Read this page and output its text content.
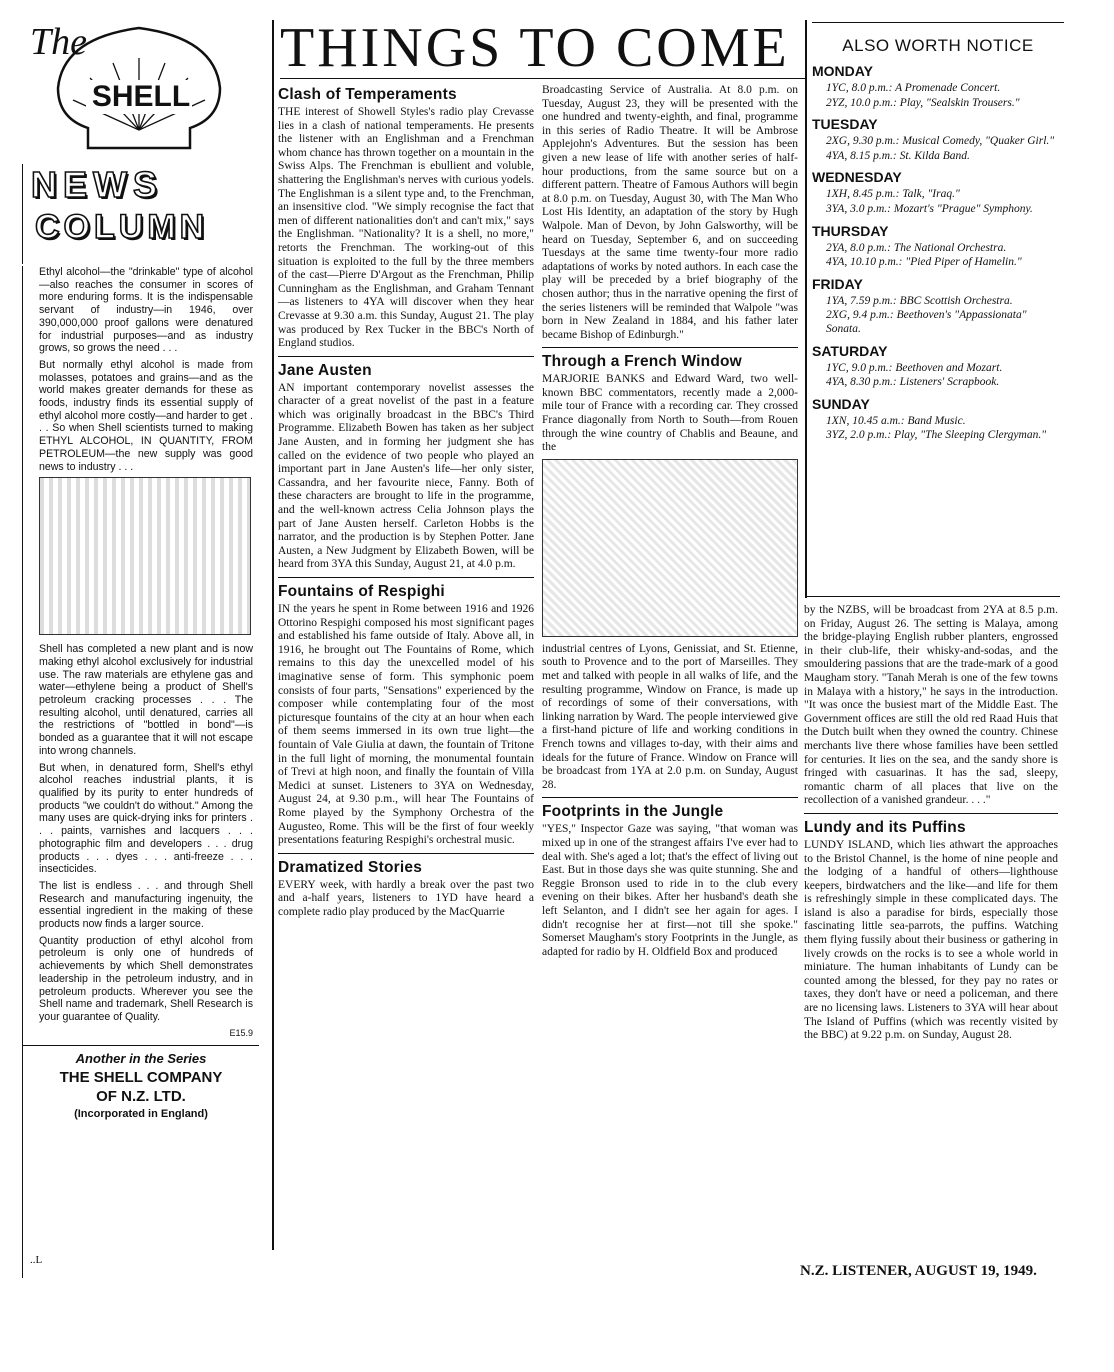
The
SHELL
NEWS
COLUMN

Ethyl alcohol—the "drinkable" type of alcohol—also reaches the consumer in scores of more enduring forms. It is the indispensable servant of industry—in 1946, over 390,000,000 proof gallons were denatured for industrial purposes—and as industry grows, so grows the need . . .

But normally ethyl alcohol is made from molasses, potatoes and grains—and as the world makes greater demands for these as foods, industry finds its essential supply of ethyl alcohol more costly—and harder to get . . . So when Shell scientists turned to making ETHYL ALCOHOL, IN QUANTITY, FROM PETROLEUM—the new supply was good news to industry . . .

Shell has completed a new plant and is now making ethyl alcohol exclusively for industrial use. The raw materials are ethylene gas and water—ethylene being a product of Shell's petroleum cracking processes . . . The resulting alcohol, until denatured, carries all the restrictions of "bottled in bond"—is bonded as a guarantee that it will not escape into wrong channels.

But when, in denatured form, Shell's ethyl alcohol reaches industrial plants, it is qualified by its purity to enter hundreds of products "we couldn't do without." Among the many uses are quick-drying inks for printers . . . paints, varnishes and lacquers . . . photographic film and developers . . . drug products . . . dyes . . . anti-freeze . . . insecticides.

The list is endless . . . and through Shell Research and manufacturing ingenuity, the essential ingredient in the making of these products now finds a larger source.

Quantity production of ethyl alcohol from petroleum is only one of hundreds of achievements by which Shell demonstrates leadership in the petroleum industry, and in petroleum products. Wherever you see the Shell name and trademark, Shell Research is your guarantee of Quality.

E15.9
Another in the Series
THE SHELL COMPANY
OF N.Z. LTD.
(Incorporated in England)
THINGS TO COME
Clash of Temperaments

THE interest of Showell Styles's radio play Crevasse lies in a clash of national temperaments. He presents the listener with an Englishman and a Frenchman whom chance has thrown together on a mountain in the Swiss Alps. The Frenchman is ebullient and voluble, shattering the Englishman's nerves with curious yodels. The Englishman is a silent type and, to the Frenchman, an insensitive clod. "We simply recognise the fact that men of different nationalities don't and can't mix," says the Englishman. "Nationality? It is a shell, no more," retorts the Frenchman. The working-out of this situation is exploited to the full by the three members of the cast—Pierre D'Argout as the Frenchman, Philip Cunningham as the Englishman, and Graham Tennant—as listeners to 4YA will discover when they hear Crevasse at 9.30 a.m. this Sunday, August 21. The play was produced by Rex Tucker in the BBC's North of England studios.

Jane Austen

AN important contemporary novelist assesses the character of a great novelist of the past in a feature which was originally broadcast in the BBC's Third Programme. Elizabeth Bowen has taken as her subject Jane Austen, and in forming her judgment she has called on the evidence of two people who played an important part in Jane Austen's life—her only sister, Cassandra, and her favourite niece, Fanny. Both of these characters are brought to life in the programme, and the well-known actress Celia Johnson plays the part of Jane Austen herself. Carleton Hobbs is the narrator, and the production is by Stephen Potter. Jane Austen, a New Judgment by Elizabeth Bowen, will be heard from 3YA this Sunday, August 21, at 4.0 p.m.

Fountains of Respighi

IN the years he spent in Rome between 1916 and 1926 Ottorino Respighi composed his most significant pages and established his fame outside of Italy. Above all, in 1916, he brought out The Fountains of Rome, which remains to this day the unexcelled model of his imaginative sense of form. This symphonic poem consists of four parts, "Sensations" experienced by the composer while contemplating four of the most picturesque fountains of the city at an hour when each of them seems immersed in its own true light—the fountain of Vale Giulia at dawn, the fountain of Tritone in the full light of morning, the monumental fountain of Trevi at high noon, and finally the fountain of Villa Medici at sunset. Listeners to 3YA on Wednesday, August 24, at 9.30 p.m., will hear The Fountains of Rome played by the Symphony Orchestra of the Augusteo, Rome. This will be the first of four weekly presentations featuring Respighi's orchestral music.

Dramatized Stories

EVERY week, with hardly a break over the past two and a-half years, listeners to 1YD have heard a complete radio play produced by the MacQuarrie

Broadcasting Service of Australia. At 8.0 p.m. on Tuesday, August 23, they will be presented with the one hundred and twenty-eighth, and final, programme in this series of Radio Theatre. It will be Ambrose Applejohn's Adventures. But the session has been given a new lease of life with another series of half-hour productions, from the same source but on a different pattern. Theatre of Famous Authors will begin at 8.0 p.m. on Tuesday, August 30, with The Man Who Lost His Identity, an adaptation of the story by Hugh Walpole. Man of Devon, by John Galsworthy, will be heard on Tuesday, September 6, and on succeeding Tuesdays at the same time twenty-four more radio adaptations of works by noted authors. In each case the play will be preceded by a brief biography of the chosen author; thus in the narrative opening the first of the series listeners will be reminded that Walpole "was born in New Zealand in 1884, and his father later became Bishop of Edinburgh."

Through a French Window

MARJORIE BANKS and Edward Ward, two well-known BBC commentators, recently made a 2,000-mile tour of France with a recording car. They crossed France diagonally from North to South—from Rouen through the wine country of Chablis and Beaune, and the

industrial centres of Lyons, Genissiat, and St. Etienne, south to Provence and to the port of Marseilles. They met and talked with people in all walks of life, and the resulting programme, Window on France, is made up of recordings of some of their conversations, with linking narration by Ward. The people interviewed give a first-hand picture of life and working conditions in French towns and villages to-day, with their aims and ideals for the future of France. Window on France will be broadcast from 1YA at 2.0 p.m. on Sunday, August 28.

Footprints in the Jungle

"YES," Inspector Gaze was saying, "that woman was mixed up in one of the strangest affairs I've ever had to deal with. She's aged a lot; that's the effect of living out East. But in those days she was quite stunning. She and Reggie Bronson used to ride in to the club every evening on their bikes. After her husband's death she left Selanton, and I didn't see her again for ages. I didn't recognise her at first—not till she spoke." Somerset Maugham's story Footprints in the Jungle, as adapted for radio by H. Oldfield Box and produced

ALSO WORTH NOTICE
MONDAY
1YC, 8.0 p.m.: A Promenade Concert.
2YZ, 10.0 p.m.: Play, "Sealskin Trousers."
TUESDAY
2XG, 9.30 p.m.: Musical Comedy, "Quaker Girl."
4YA, 8.15 p.m.: St. Kilda Band.
WEDNESDAY
1XH, 8.45 p.m.: Talk, "Iraq."
3YA, 3.0 p.m.: Mozart's "Prague" Symphony.
THURSDAY
2YA, 8.0 p.m.: The National Orchestra.
4YA, 10.10 p.m.: "Pied Piper of Hamelin."
FRIDAY
1YA, 7.59 p.m.: BBC Scottish Orchestra.
2XG, 9.4 p.m.: Beethoven's "Appassionata" Sonata.
SATURDAY
1YC, 9.0 p.m.: Beethoven and Mozart.
4YA, 8.30 p.m.: Listeners' Scrapbook.
SUNDAY
1XN, 10.45 a.m.: Band Music.
3YZ, 2.0 p.m.: Play, "The Sleeping Clergyman."

by the NZBS, will be broadcast from 2YA at 8.5 p.m. on Friday, August 26. The setting is Malaya, among the bridge-playing English rubber planters, engrossed in their club-life, their whisky-and-sodas, and the smouldering passions that are the trade-mark of a good Maugham story. "Tanah Merah is one of the few towns in Malaya with a history," he says in the introduction. "It was once the busiest mart of the Middle East. The Government offices are still the old red Raad Huis that the Dutch built when they owned the country. Chinese merchants live there whose families have been settled for centuries. It lies on the sea, and the sandy shore is fringed with casuarinas. It has the sad, sleepy, romantic charm of all places that live on the recollection of a vanished grandeur. . . ."

Lundy and its Puffins

LUNDY ISLAND, which lies athwart the approaches to the Bristol Channel, is the home of nine people and the lodging of a handful of others—lighthouse keepers, birdwatchers and the like—and life for them is refreshingly simple in these complicated days. The island is also a paradise for birds, especially those fascinating little sea-parrots, the puffins. Watching them flying fussily about their business or gathering in lively crowds on the rocks is to see a whole world in miniature. The human inhabitants of Lundy can be counted among the blessed, for they pay no rates or taxes, they don't have or need a policeman, and there are no licensing laws. Listeners to 3YA will hear about The Island of Puffins (which was recently visited by the BBC) at 9.22 p.m. on Sunday, August 28.

..L
N.Z. LISTENER, AUGUST 19, 1949.
